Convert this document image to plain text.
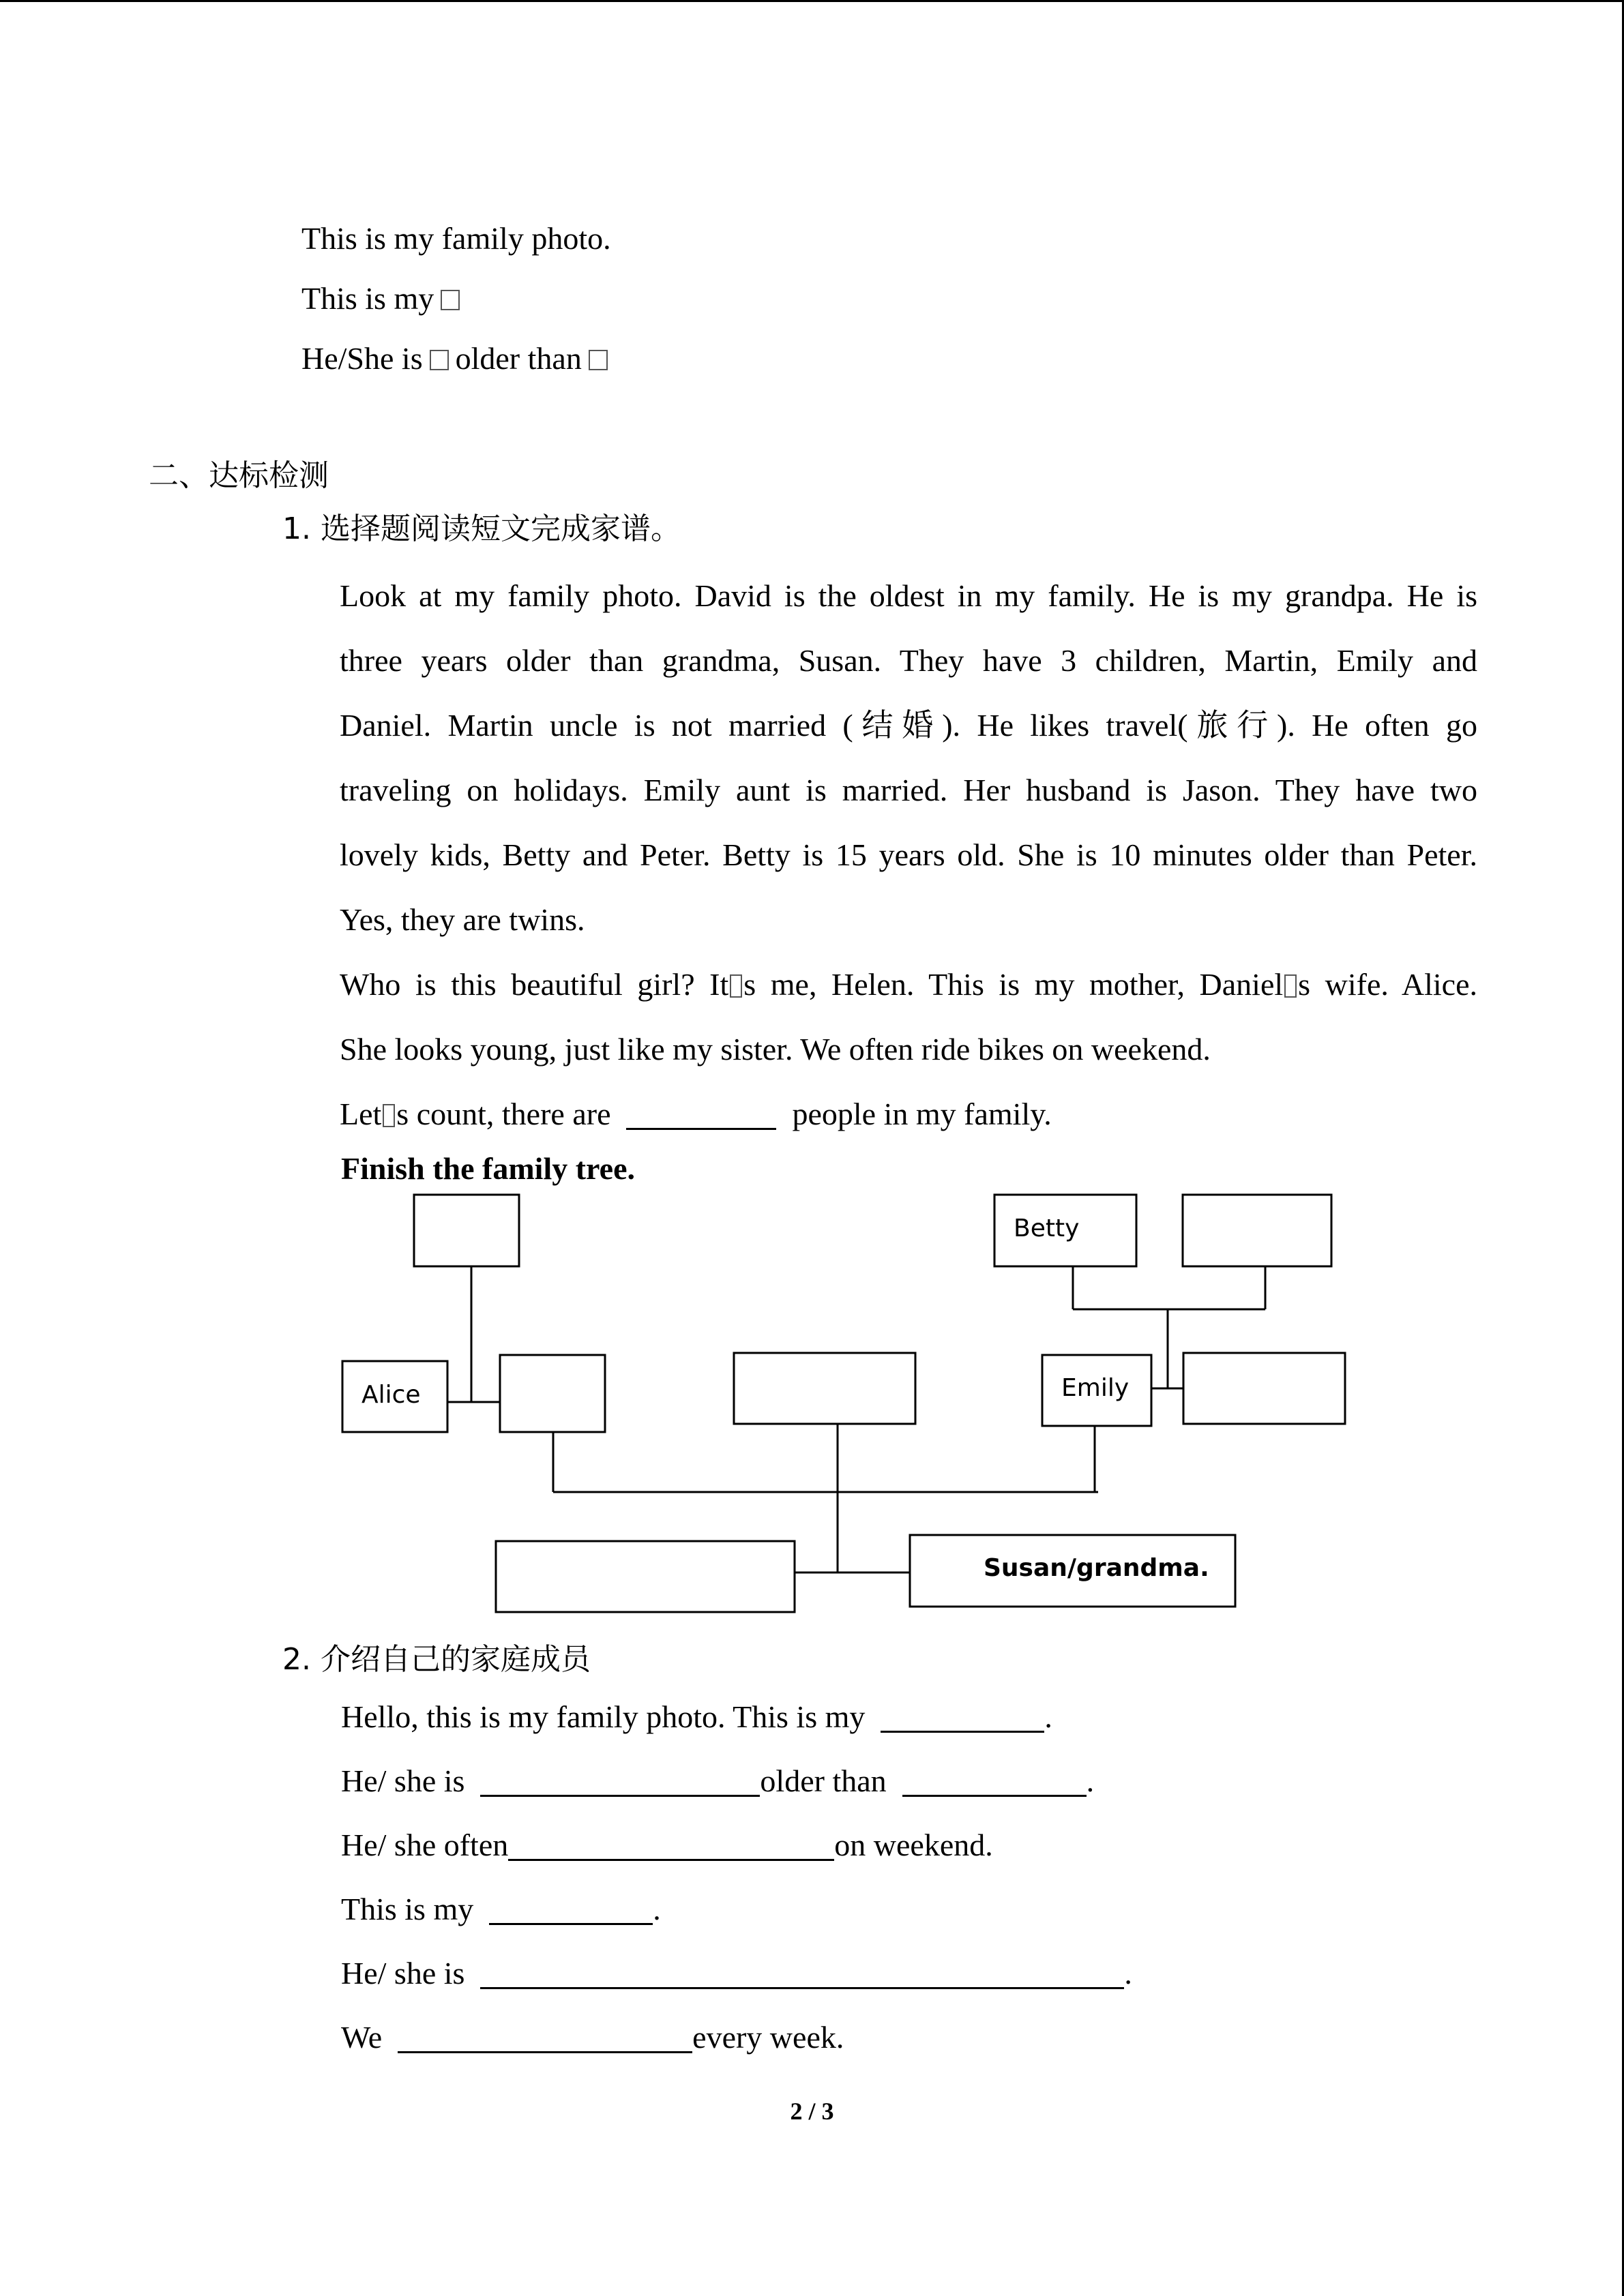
This is my family photo.
This is my
He/She is older than
二、达标检测
1. 选择题阅读短文完成家谱。
Look at my family photo. David is the oldest in my family. He is my grandpa. He is
three years older than grandma, Susan. They have 3 children, Martin, Emily and
Daniel. Martin uncle is not married (结婚). He likes travel(旅行). He often go
traveling on holidays. Emily aunt is married. Her husband is Jason. They have two
lovely kids, Betty and Peter. Betty is 15 years old. She is 10 minutes older than Peter.
Yes, they are twins.
Who is this beautiful girl? It s me, Helen. This is my mother, Daniel s wife. Alice.
She looks young, just like my sister. We often ride bikes on weekend.
Let s count, there are	people in my family.
Finish the family tree.
Alice
Betty
Emily
Susan/grandma.
2. 介绍自己的家庭成员
Hello, this is my family photo. This is my	.
He/ she is	older than	.
He/ she often	on weekend.
This is my	.
He/ she is	.
We	every week.
2 / 3
